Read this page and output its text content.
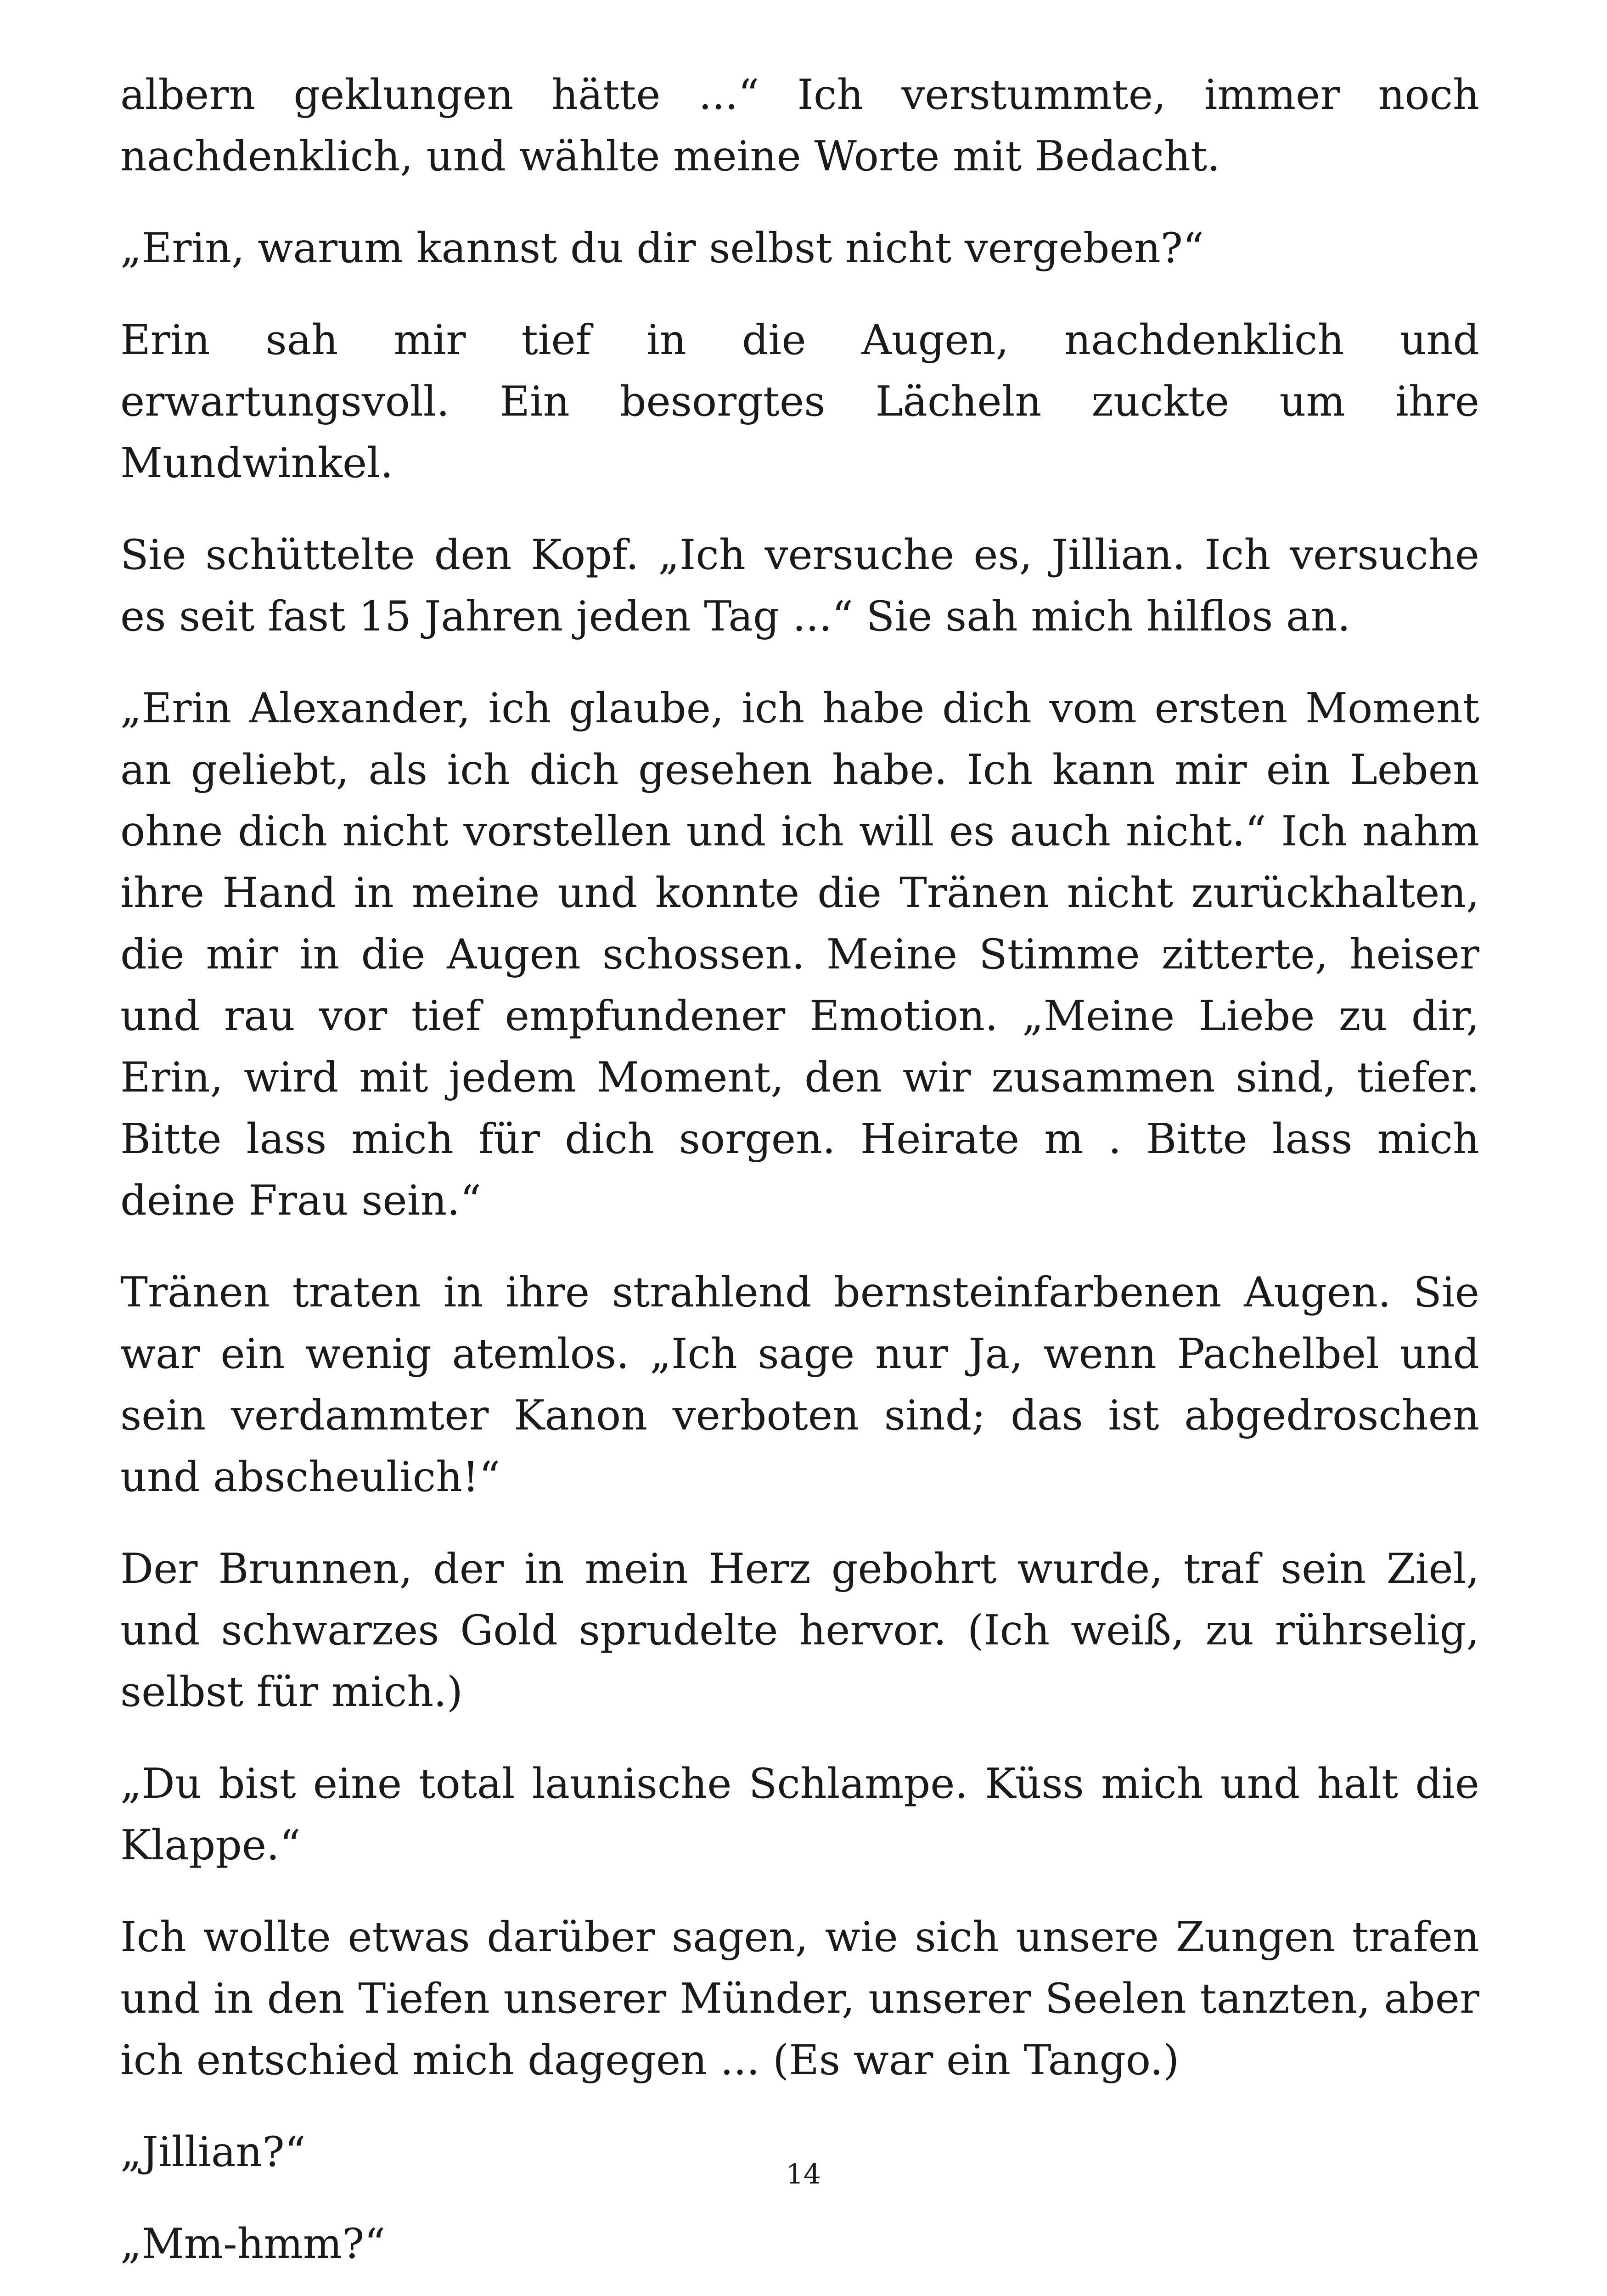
albern geklungen hätte ...“ Ich verstummte, immer noch nachdenklich, und wählte meine Worte mit Bedacht.

„Erin, warum kannst du dir selbst nicht vergeben?“

Erin sah mir tief in die Augen, nachdenklich und erwartungsvoll. Ein besorgtes Lächeln zuckte um ihre Mundwinkel.

Sie schüttelte den Kopf. „Ich versuche es, Jillian. Ich versuche es seit fast 15 Jahren jeden Tag ...“ Sie sah mich hilflos an.

„Erin Alexander, ich glaube, ich habe dich vom ersten Moment an geliebt, als ich dich gesehen habe. Ich kann mir ein Leben ohne dich nicht vorstellen und ich will es auch nicht.“ Ich nahm ihre Hand in meine und konnte die Tränen nicht zurückhalten, die mir in die Augen schossen. Meine Stimme zitterte, heiser und rau vor tief empfundener Emotion. „Meine Liebe zu dir, Erin, wird mit jedem Moment, den wir zusammen sind, tiefer. Bitte lass mich für dich sorgen. Heirate m . Bitte lass mich deine Frau sein.“

Tränen traten in ihre strahlend bernsteinfarbenen Augen. Sie war ein wenig atemlos. „Ich sage nur Ja, wenn Pachelbel und sein verdammter Kanon verboten sind; das ist abgedroschen und abscheulich!“

Der Brunnen, der in mein Herz gebohrt wurde, traf sein Ziel, und schwarzes Gold sprudelte hervor. (Ich weiß, zu rührselig, selbst für mich.)

„Du bist eine total launische Schlampe. Küss mich und halt die Klappe.“

Ich wollte etwas darüber sagen, wie sich unsere Zungen trafen und in den Tiefen unserer Münder, unserer Seelen tanzten, aber ich entschied mich dagegen ... (Es war ein Tango.)

„Jillian?“

„Mm-hmm?“

14
